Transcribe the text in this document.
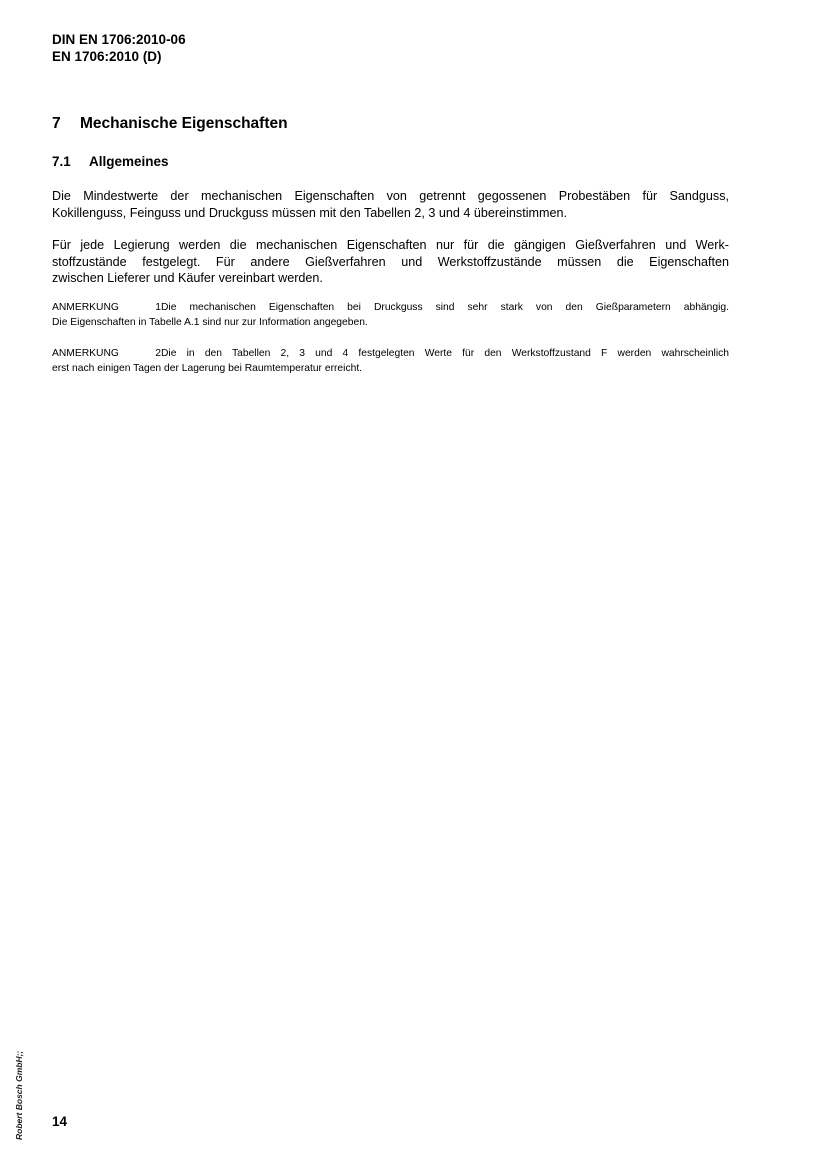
DIN EN 1706:2010-06
EN 1706:2010 (D)
7 Mechanische Eigenschaften
7.1 Allgemeines
Die Mindestwerte der mechanischen Eigenschaften von getrennt gegossenen Probestäben für Sandguss,
Kokillenguss, Feinguss und Druckguss müssen mit den Tabellen 2, 3 und 4 übereinstimmen.
Für jede Legierung werden die mechanischen Eigenschaften nur für die gängigen Gießverfahren und Werk-
stoffzustände festgelegt. Für andere Gießverfahren und Werkstoffzustände müssen die Eigenschaften
zwischen Lieferer und Käufer vereinbart werden.
ANMERKUNG 1Die mechanischen Eigenschaften bei Druckguss sind sehr stark von den Gießparametern abhängig.
Die Eigenschaften in Tabelle A.1 sind nur zur Information angegeben.
ANMERKUNG 2Die in den Tabellen 2, 3 und 4 festgelegten Werte für den Werkstoffzustand F werden wahrscheinlich
erst nach einigen Tagen der Lagerung bei Raumtemperatur erreicht.
14
Robert Bosch GmbH;;
